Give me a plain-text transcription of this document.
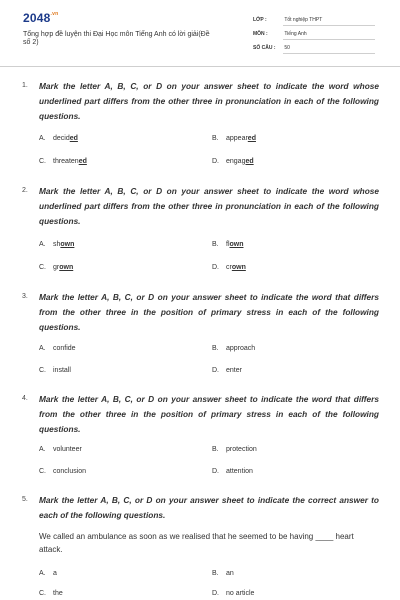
$2048^{.vn}$
Tổng hợp đề luyện thi Đại Học môn Tiếng Anh có lời giải(Đề số 2)
LỚP :	Tốt nghiệp THPT
MÔN :	Tiếng Anh
SỐ CÂU : 50
1. Mark the letter A, B, C, or D on your answer sheet to indicate the word whose underlined part differs from the other three in pronunciation in each of the following questions.
A. decided	B. appeared
C. threatened	D. engaged
2. Mark the letter A, B, C, or D on your answer sheet to indicate the word whose underlined part differs from the other three in pronunciation in each of the following questions.
A. shown	B. flown
C. grown	D. crown
3. Mark the letter A, B, C, or D on your answer sheet to indicate the word that differs from the other three in the position of primary stress in each of the following questions.
A. confide	B. approach
C. install	D. enter
4. Mark the letter A, B, C, or D on your answer sheet to indicate the word that differs from the other three in the position of primary stress in each of the following questions.
A. volunteer	B. protection
C. conclusion	D. attention
5. Mark the letter A, B, C, or D on your answer sheet to indicate the correct answer to each of the following questions.
We called an ambulance as soon as we realised that he seemed to be having ____ heart attack.
A. a	B. an
C. the	D. no article
